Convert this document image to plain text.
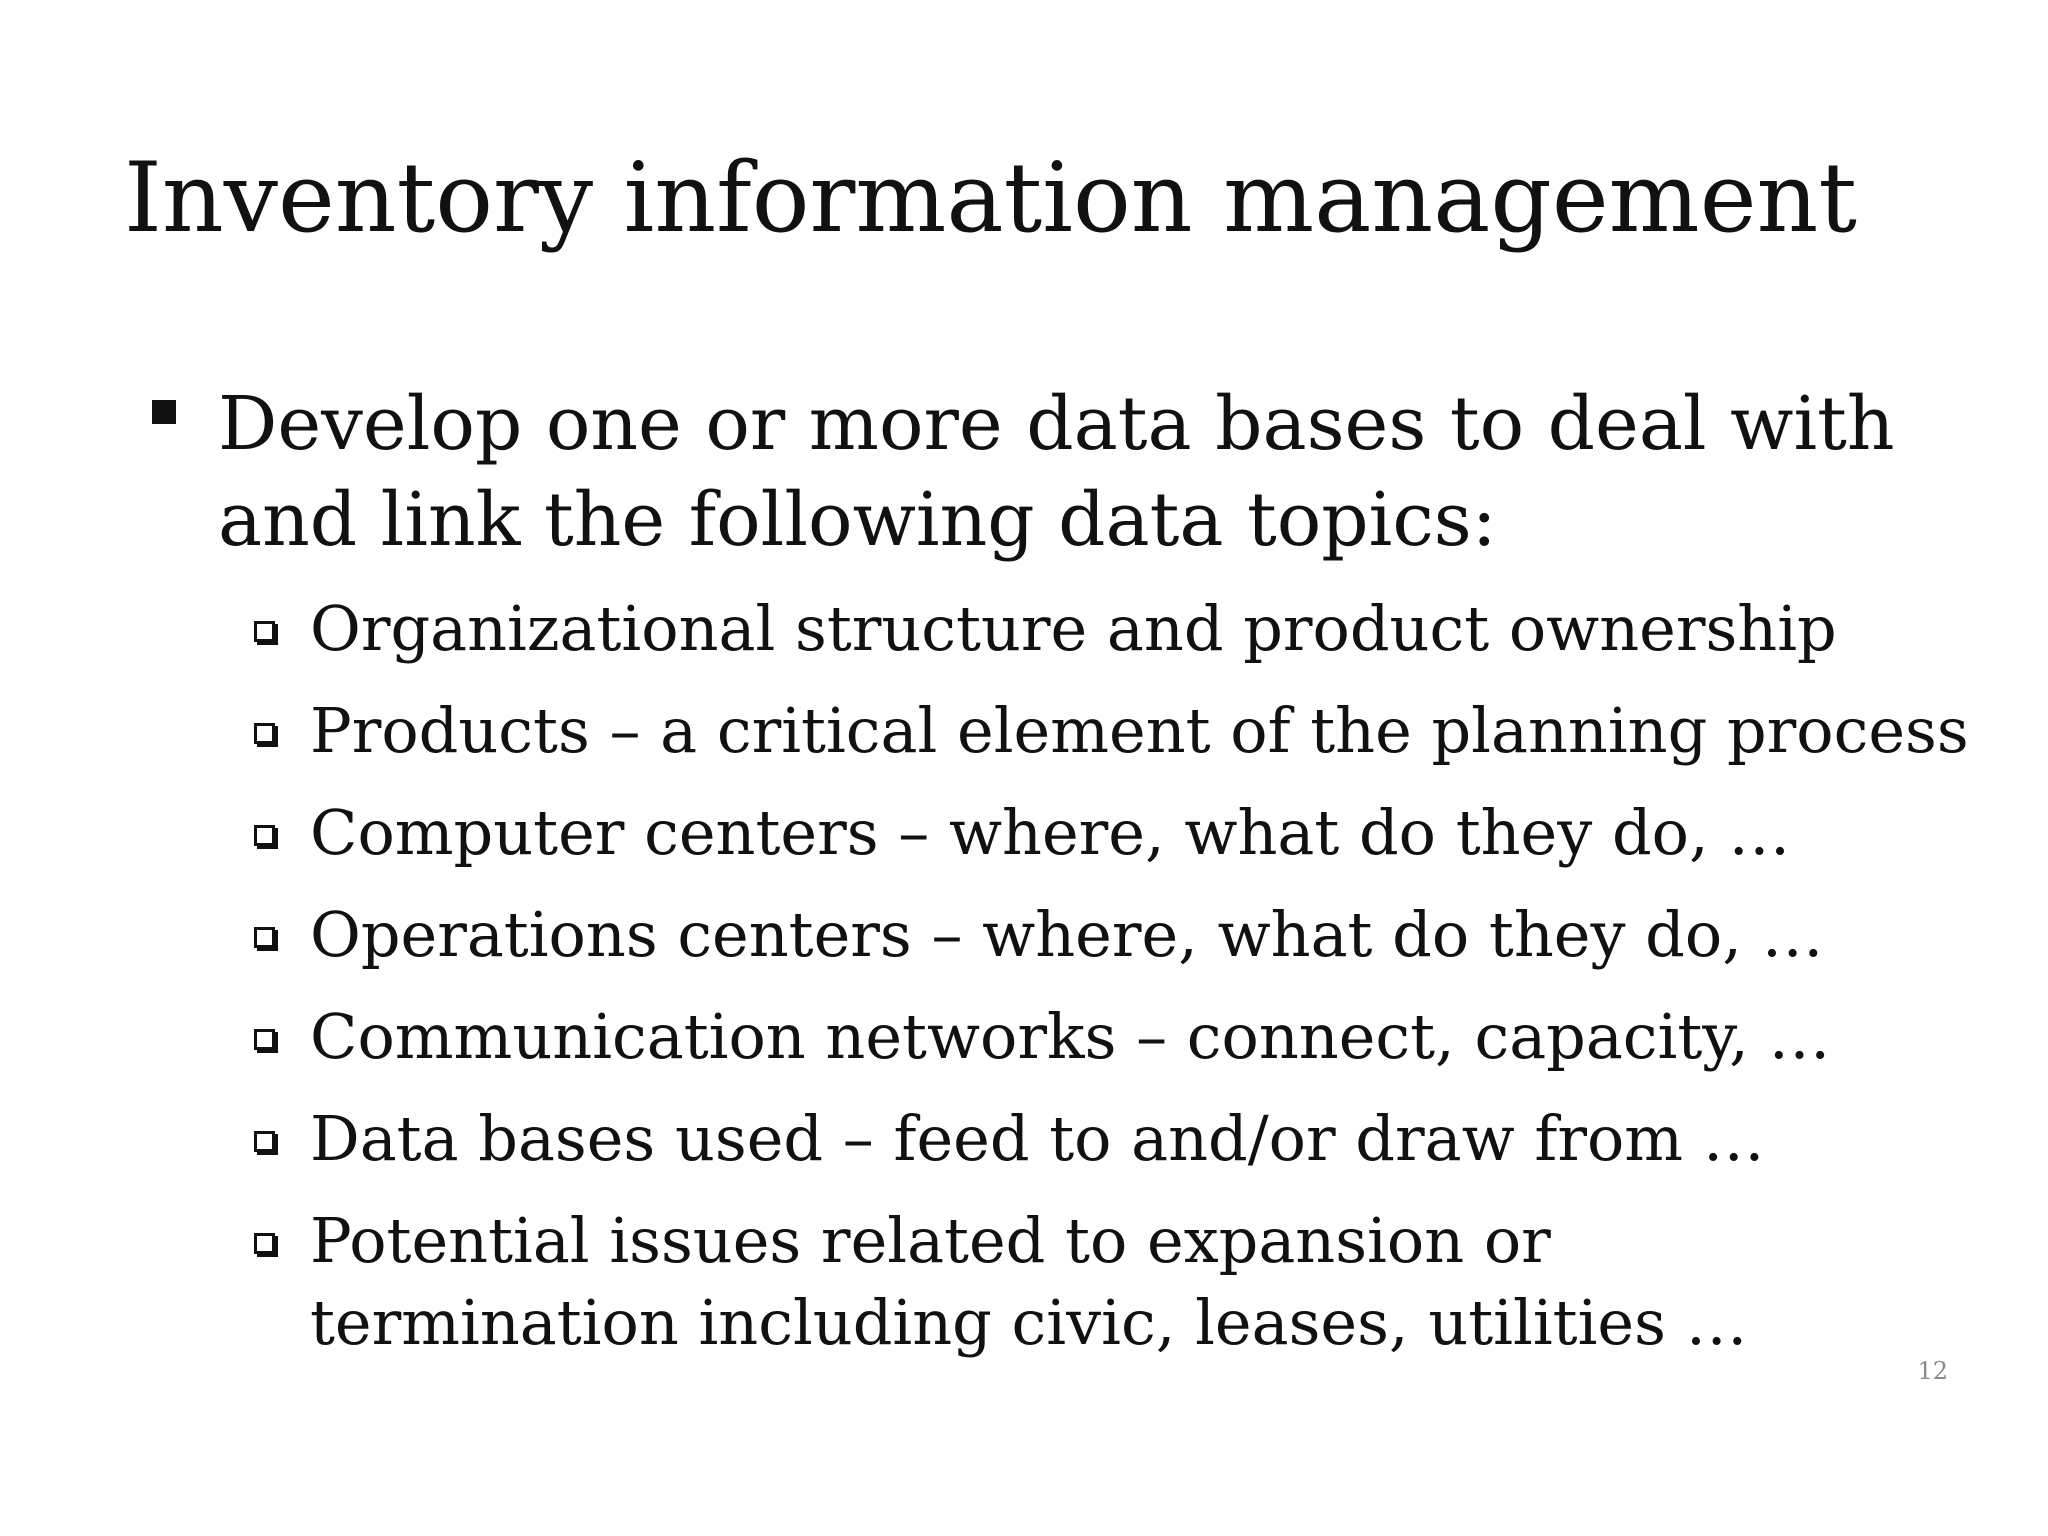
Inventory information management
Develop one or more data bases to deal with and link the following data topics:
Organizational structure and product ownership
Products – a critical element of the planning process
Computer centers – where, what do they do, …
Operations centers – where, what do they do, …
Communication networks – connect, capacity, …
Data bases used – feed to and/or draw from …
Potential issues related to expansion or termination including civic, leases, utilities …
12
